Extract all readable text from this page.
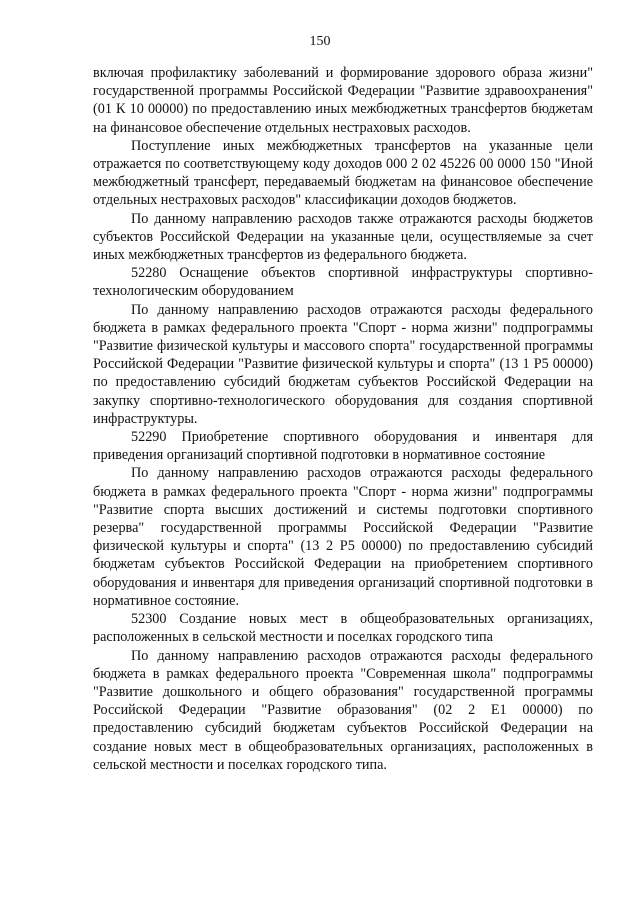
150

включая профилактику заболеваний и формирование здорового образа жизни" государственной программы Российской Федерации "Развитие здравоохранения" (01 К 10 00000) по предоставлению иных межбюджетных трансфертов бюджетам на финансовое обеспечение отдельных нестраховых расходов.

Поступление иных межбюджетных трансфертов на указанные цели отражается по соответствующему коду доходов 000 2 02 45226 00 0000 150 "Иной межбюджетный трансферт, передаваемый бюджетам на финансовое обеспечение отдельных нестраховых расходов" классификации доходов бюджетов.

По данному направлению расходов также отражаются расходы бюджетов субъектов Российской Федерации на указанные цели, осуществляемые за счет иных межбюджетных трансфертов из федерального бюджета.

52280 Оснащение объектов спортивной инфраструктуры спортивно-технологическим оборудованием

По данному направлению расходов отражаются расходы федерального бюджета в рамках федерального проекта "Спорт - норма жизни" подпрограммы "Развитие физической культуры и массового спорта" государственной программы Российской Федерации "Развитие физической культуры и спорта" (13 1 P5 00000) по предоставлению субсидий бюджетам субъектов Российской Федерации на закупку спортивно-технологического оборудования для создания спортивной инфраструктуры.

52290 Приобретение спортивного оборудования и инвентаря для приведения организаций спортивной подготовки в нормативное состояние

По данному направлению расходов отражаются расходы федерального бюджета в рамках федерального проекта "Спорт - норма жизни" подпрограммы "Развитие спорта высших достижений и системы подготовки спортивного резерва" государственной программы Российской Федерации "Развитие физической культуры и спорта" (13 2 P5 00000) по предоставлению субсидий бюджетам субъектов Российской Федерации на приобретением спортивного оборудования и инвентаря для приведения организаций спортивной подготовки в нормативное состояние.

52300 Создание новых мест в общеобразовательных организациях, расположенных в сельской местности и поселках городского типа

По данному направлению расходов отражаются расходы федерального бюджета в рамках федерального проекта "Современная школа" подпрограммы "Развитие дошкольного и общего образования" государственной программы Российской Федерации "Развитие образования" (02 2 E1 00000) по предоставлению субсидий бюджетам субъектов Российской Федерации на создание новых мест в общеобразовательных организациях, расположенных в сельской местности и поселках городского типа.
